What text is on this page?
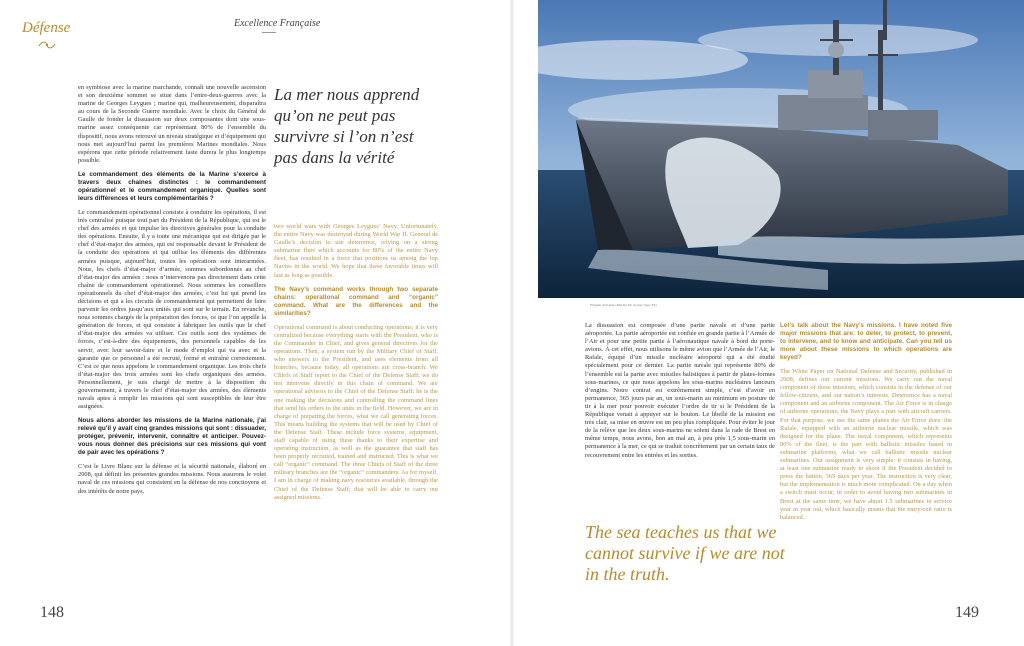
Défense	Excellence Française

en symbiose avec la marine marchande, connaît une nouvelle ascension et son deuxième sommet se situe dans l’entre-deux-guerres avec la marine de Georges Leygues ; marine qui, malheureusement, disparaîtra au cours de la Seconde Guerre mondiale. Avec le choix du Général de Gaulle de fonder la dissuasion sur deux composantes dont une sous-marine assez conséquente car représentant 80% de l’ensemble du dispositif, nous avons retrouvé un niveau stratégique et d’équipement qui nous met aujourd’hui parmi les premières Marines mondiales. Nous espérons que cette période relativement faste durera le plus longtemps possible.

Le commandement des éléments de la Marine s’exerce à travers deux chaines distinctes : le commandement opérationnel et le commandement organique. Quelles sont leurs différences et leurs complémentarités ?

Le commandement opérationnel consiste à conduire les opérations, il est très centralisé puisque tout part du Président de la République, qui est le chef des armées et qui impulse les directives générales pour la conduite des opérations. Ensuite, il y a toute une mécanique qui est dirigée par le chef d’état-major des armées, qui est responsable devant le Président de la conduite des opérations et qui utilise les éléments des différentes armées puisque, aujourd’hui, toutes les opérations sont interarmées. Nous, les chefs d’état-major d’armée, sommes subordonnés au chef d’état-major des armées : nous n’intervenons pas directement dans cette chaîne de commandement opérationnel. Nous sommes les conseillers opérationnels du chef d’état-major des armées, c’est lui qui prend les décisions et qui a les circuits de commandement qui permettent de faire parvenir les ordres jusqu’aux unités qui sont sur le terrain. En revanche, nous sommes chargés de la préparation des forces, ce que l’on appelle la génération de forces, et qui consiste à fabriquer les outils que le chef d’état-major des armées va utiliser. Ces outils sont des systèmes de forces, c’est-à-dire des équipements, des personnels capables de les servir, avec leur savoir-faire et le mode d’emploi qui va avec et la garantie que ce personnel a été recruté, formé et entraîné correctement. C’est ce que nous appelons le commandement organique. Les trois chefs d’état-major des trois armées sont les chefs organiques des armées. Personnellement, je suis chargé de mettre à la disposition du gouvernement, à travers le chef d’état-major des armées, des éléments navals aptes à remplir les missions qui sont susceptibles de leur être assignées.

Nous allons aborder les missions de la Marine nationale, j’ai relevé qu’il y avait cinq grandes missions qui sont : dissuader, protéger, prévenir, intervenir, connaître et anticiper. Pouvez-vous nous donner des précisions sur ces missions qui vont de pair avec les opérations ?

C’est le Livre Blanc sur la défense et la sécurité nationale, élaboré en 2008, qui définit les présentes grandes missions. Nous assurons le volet naval de ces missions qui consistent en la défense de nos concitoyens et des intérêts de notre pays.

La mer nous apprend qu’on ne peut pas survivre si l’on n’est pas dans la vérité

two world wars with Georges Leygues’ Navy. Unfortunately, the entire Navy was destroyed during World War II. General de Gaulle’s decision to use deterrence, relying on a strong submarine fleet which accounts for 80% of the entire Navy fleet, has resulted in a force that positions us among the top Navies in the world. We hope that these favorable times will last as long as possible.

The Navy’s command works through two separate chains: operational command and “organic” command. What are the differences and the similarities?

Operational command is about conducting operations; it is very centralized because everything starts with the President, who is the Commander in Chief, and gives general directives for the operations. Then, a system run by the Military Chief of Staff, who answers to the President, and uses elements from all branches, because today, all operations are cross-branch. We Chiefs of Staff report to the Chief of the Defense Staff; we do not intervene directly in this chain of command. We are operational advisors to the Chief of the Defense Staff; he is the one making the decisions and controlling the command lines that send his orders to the units in the field. However, we are in charge of preparing the forces, what we call generating forces. This means building the systems that will be used by Chief of the Defense Staff. These include force systems, equipment, staff capable of using these thanks to their expertise and operating instruction, as well as the guarantee that staff has been properly recruited, trained and instructed. This is what we call “organic” command. The three Chiefs of Staff of the three military branches are the “organic” commanders. As for myself, I am in charge of making navy resources available, through the Chief of the Defense Staff; that will be able to carry out assigned missions.

148
Frégate Anti-Sous-Marine De Grasse (type F6)

La dissuasion est composée d’une partie navale et d’une partie aéroportée. La partie aéroportée est confiée en grande partie à l’Armée de l’Air et pour une petite partie à l’aéronautique navale à bord du porte-avions. À cet effet, nous utilisons le même avion que l’Armée de l’Air, le Rafale, équipé d’un missile nucléaire aéroporté qui a été étudié spécialement pour ce dernier. La partie navale qui représente 80% de l’ensemble est la partie avec missiles balistiques à partir de plates-formes sous-marines, ce que nous appelons les sous-marins nucléaires lanceurs d’engins. Notre contrat est extrêmement simple, c’est d’avoir en permanence, 365 jours par an, un sous-marin au minimum en posture de tir à la mer pour pouvoir exécuter l’ordre de tir si le Président de la République venait à appuyer sur le bouton. Le libellé de la mission est très clair, sa mise en œuvre est un peu plus compliquée. Pour éviter le jour de la relève que les deux sous-marins ne soient dans la rade de Brest en même temps, nous avons, bon an mal an, à peu près 1,5 sous-marin en permanence à la mer, ce qui se traduit concrètement par un certain taux de recouvrement entre les entrées et les sorties.

The sea teaches us that we cannot survive if we are not in the truth.

Let’s talk about the Navy’s missions. I have noted five major missions that are: to deter, to protect, to prevent, to intervene, and to know and anticipate. Can you tell us more about these missions to which operations are keyed?

The White Paper on National Defense and Security, published in 2008, defines our current missions. We carry out the naval component of these missions, which consists in the defense of our fellow-citizens, and our nation’s interests. Deterrence has a naval component and an airborne component. The Air Force is in charge of airborne operations; the Navy plays a part with aircraft carriers. For that purpose, we use the same planes the Air Force does: the Rafale, equipped with an airborne nuclear missile, which was designed for the plane. The naval component, which represents 80% of the fleet, is the part with ballistic missiles based in submarine platforms, what we call ballistic missile nuclear submarines. Our assignment is very simple: it consists in having, at least one submarine ready to shoot if the President decided to press the button, 365 days per year. The instruction is very clear, but the implementation is much more complicated. On a day when a switch must occur, in order to avoid having two submarines in Brest at the same time, we have about 1.5 submarines in service year in year out, which basically means that the entry/exit ratio is balanced.

149
